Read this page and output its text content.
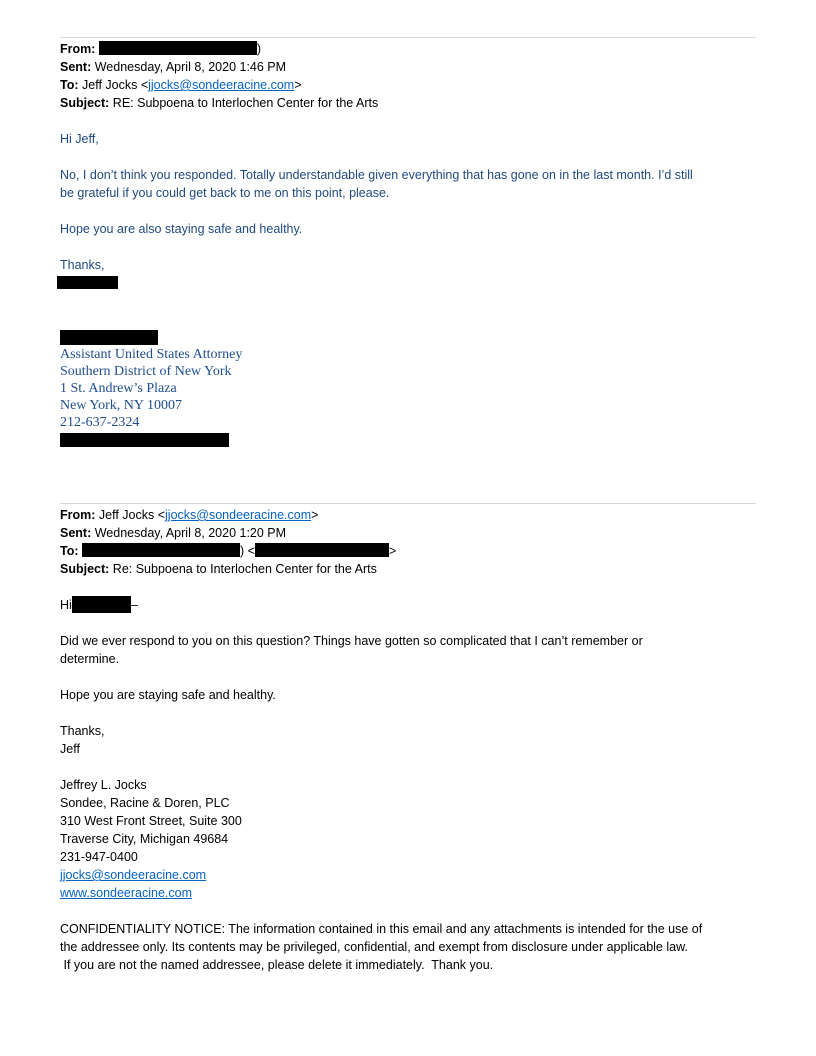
From:	)
Sent: Wednesday, April 8, 2020 1:46 PM
To: Jeff Jocks <jjocks@sondeeracine.com>
Subject: RE: Subpoena to Interlochen Center for the Arts
Hi Jeff,
No, I don’t think you responded. Totally understandable given everything that has gone on in the last month. I’d still
be grateful if you could get back to me on this point, please.
Hope you are also staying safe and healthy.
Thanks,
Assistant United States Attorney
Southern District of New York
1 St. Andrew’s Plaza
New York, NY 10007
212-637-2324
From: Jeff Jocks <jjocks@sondeeracine.com>
Sent: Wednesday, April 8, 2020 1:20 PM
To:	) <	>
Subject: Re: Subpoena to Interlochen Center for the Arts
Hi	–
Did we ever respond to you on this question? Things have gotten so complicated that I can’t remember or
determine.
Hope you are staying safe and healthy.
Thanks,
Jeff
Jeffrey L. Jocks
Sondee, Racine & Doren, PLC
310 West Front Street, Suite 300
Traverse City, Michigan 49684
231-947-0400
jjocks@sondeeracine.com
www.sondeeracine.com
CONFIDENTIALITY NOTICE: The information contained in this email and any attachments is intended for the use of
the addressee only. Its contents may be privileged, confidential, and exempt from disclosure under applicable law.
If you are not the named addressee, please delete it immediately.  Thank you.
